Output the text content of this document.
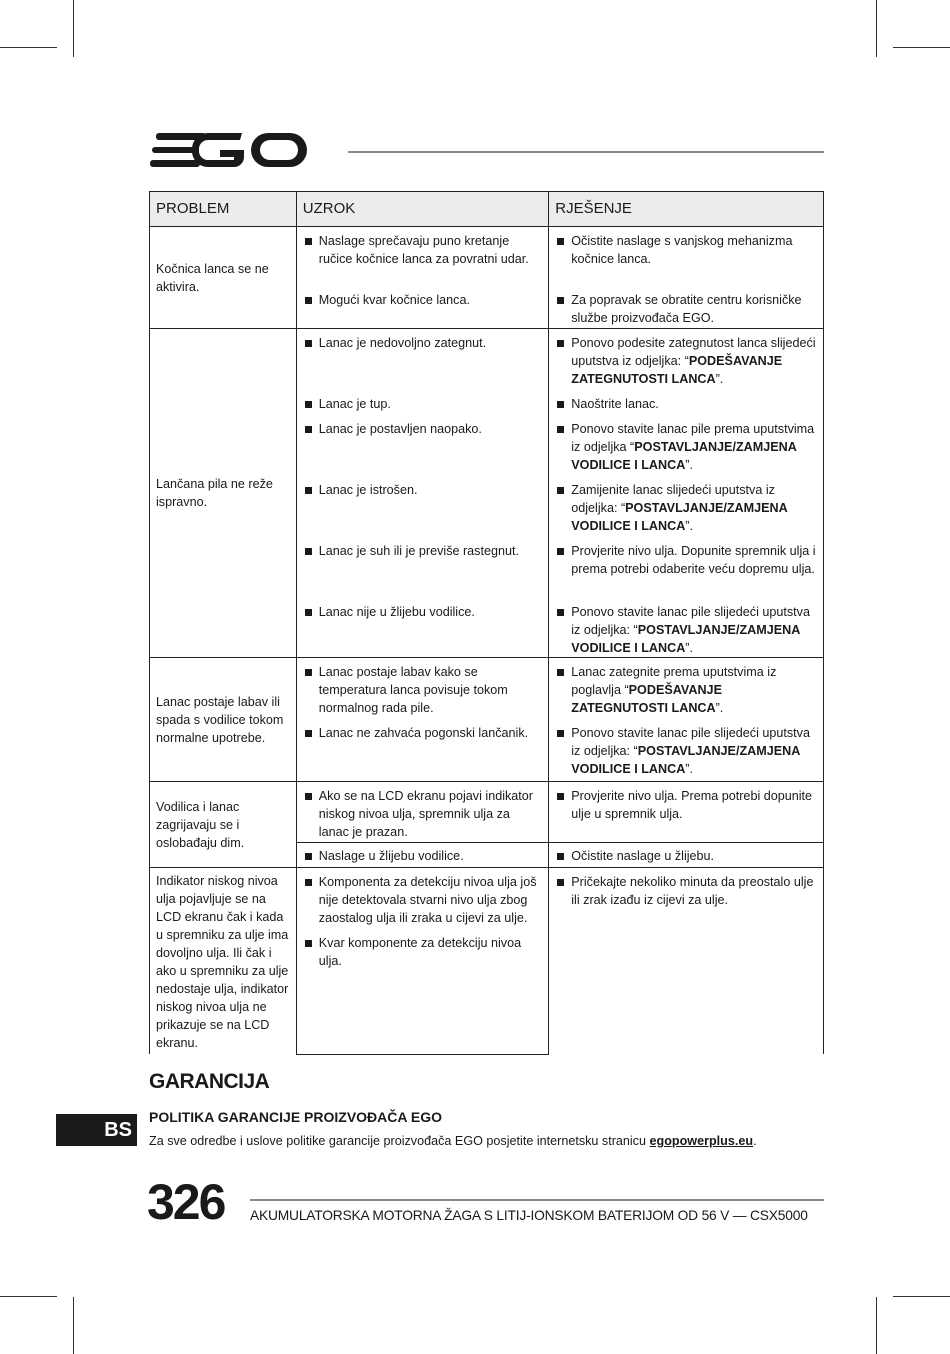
PROBLEM	UZROK	RJEŠENJE
Kočnica lanca se ne aktivira.	Naslage sprečavaju puno kretanje ručice kočnice lanca za povratni udar.	Očistite naslage s vanjskog mehanizma kočnice lanca.

	Mogući kvar kočnice lanca.	Za popravak se obratite centru korisničke službe proizvođača EGO.

Lančana pila ne reže ispravno.	Lanac je nedovoljno zategnut.	Ponovo podesite zategnutost lanca slijedeći uputstva iz odjeljka: “PODEŠAVANJE ZATEGNUTOSTI LANCA”.

	Lanac je tup.	Naoštrite lanac.

	Lanac je postavljen naopako.	Ponovo stavite lanac pile prema uputstvima iz odjeljka “POSTAVLJANJE/ZAMJENA VODILICE I LANCA”.

	Lanac je istrošen.	Zamijenite lanac slijedeći uputstva iz odjeljka: “POSTAVLJANJE/ZAMJENA VODILICE I LANCA”.

	Lanac je suh ili je previše rastegnut.	Provjerite nivo ulja. Dopunite spremnik ulja i prema potrebi odaberite veću dopremu ulja.

	Lanac nije u žlijebu vodilice.	Ponovo stavite lanac pile slijedeći uputstva iz odjeljka: “POSTAVLJANJE/ZAMJENA VODILICE I LANCA”.

Lanac postaje labav ili spada s vodilice tokom normalne upotrebe.	Lanac postaje labav kako se temperatura lanca povisuje tokom normalnog rada pile.	Lanac zategnite prema uputstvima iz poglavlja “PODEŠAVANJE ZATEGNUTOSTI LANCA”.

	Lanac ne zahvaća pogonski lančanik.	Ponovo stavite lanac pile slijedeći uputstva iz odjeljka: “POSTAVLJANJE/ZAMJENA VODILICE I LANCA”.

Vodilica i lanac zagrijavaju se i oslobađaju dim.	Ako se na LCD ekranu pojavi indikator niskog nivoa ulja, spremnik ulja za lanac je prazan.	Provjerite nivo ulja. Prema potrebi dopunite ulje u spremnik ulja.

	Naslage u žlijebu vodilice.	Očistite naslage u žlijebu.

Indikator niskog nivoa ulja pojavljuje se na LCD ekranu čak i kada u spremniku za ulje ima dovoljno ulja. Ili čak i ako u spremniku za ulje nedostaje ulja, indikator niskog nivoa ulja ne prikazuje se na LCD ekranu.	Komponenta za detekciju nivoa ulja još nije detektovala stvarni nivo ulja zbog zaostalog ulja ili zraka u cijevi za ulje.	Pričekajte nekoliko minuta da preostalo ulje ili zrak izađu iz cijevi za ulje.

	Kvar komponente za detekciju nivoa ulja.	
GARANCIJA
POLITIKA GARANCIJE PROIZVOĐAČA EGO
Za sve odredbe i uslove politike garancije proizvođača EGO posjetite internetsku stranicu egopowerplus.eu.
BS
326 AKUMULATORSKA MOTORNA ŽAGA S LITIJ-IONSKOM BATERIJOM OD 56 V — CSX5000
